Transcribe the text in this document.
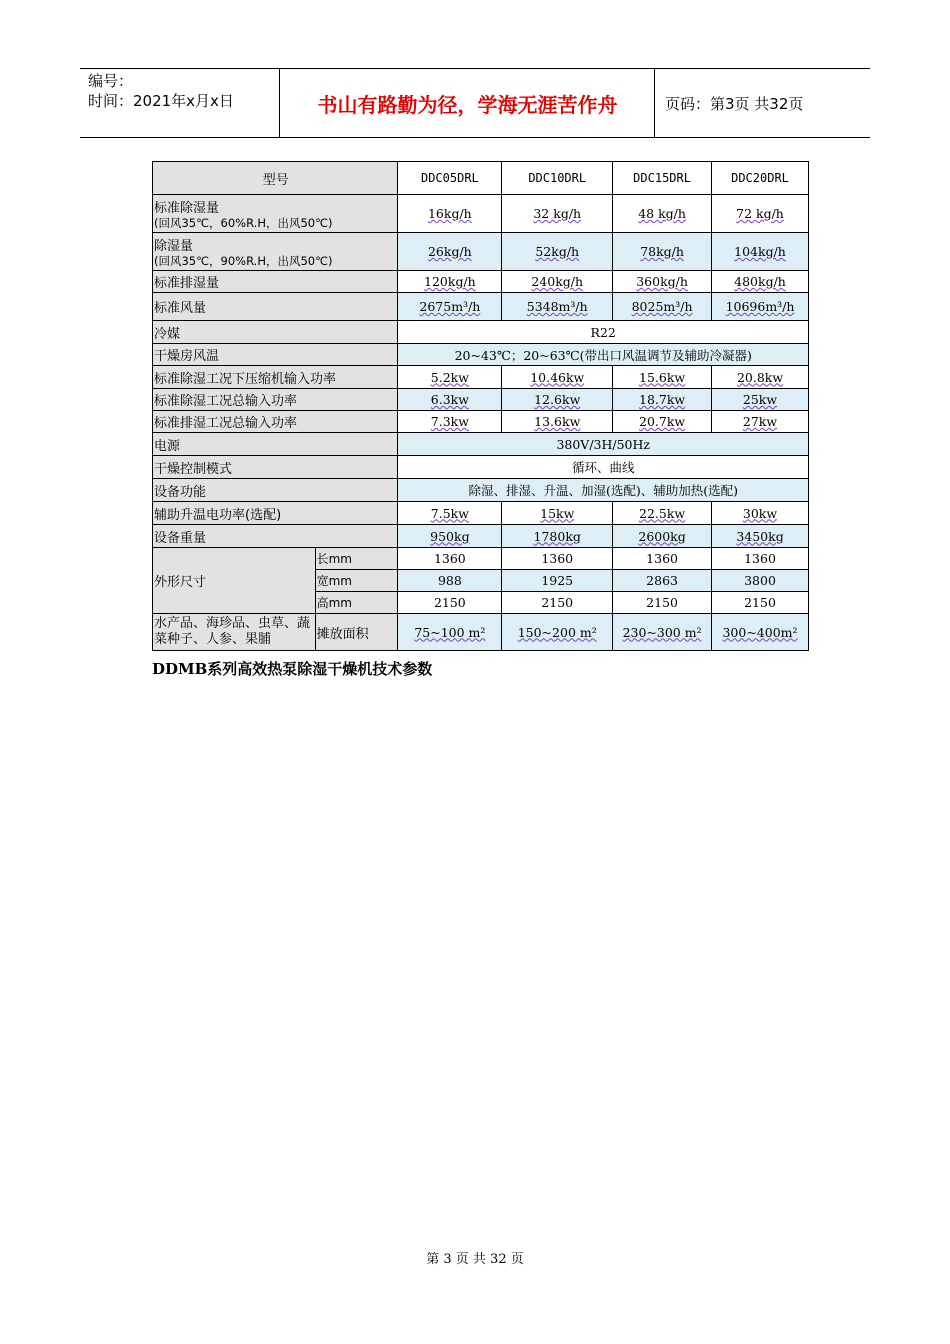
编号：
时间：2021年x月x日	书山有路勤为径，学海无涯苦作舟	页码：第3页 共32页
型号		DDC05DRL	DDC10DRL	DDC15DRL	DDC20DRL

标准除湿量
(回风35℃，60%R.H，出风50℃)		16kg/h	32 kg/h	48 kg/h	72 kg/h

除湿量
(回风35℃，90%R.H，出风50℃)		26kg/h	52kg/h	78kg/h	104kg/h

标准排湿量		120kg/h	240kg/h	360kg/h	480kg/h

标准风量		2675m³/h	5348m³/h	8025m³/h	10696m³/h

冷媒		R22			

干燥房风温		20~43℃；20~63℃(带出口风温调节及辅助冷凝器)			

标准除湿工况下压缩机输入功率		5.2kw	10.46kw	15.6kw	20.8kw

标准除湿工况总输入功率		6.3kw	12.6kw	18.7kw	25kw

标准排湿工况总输入功率		7.3kw	13.6kw	20.7kw	27kw

电源		380V/3H/50Hz			

干燥控制模式		循环、曲线			

设备功能		除湿、排湿、升温、加湿(选配)、辅助加热(选配)			

辅助升温电功率(选配)		7.5kw	15kw	22.5kw	30kw

设备重量		950kg	1780kg	2600kg	3450kg
外形尺寸	长mm	1360	1360	1360	1360
	宽mm	988	1925	2863	3800
	高mm	2150	2150	2150	2150
水产品、海珍品、虫草、蔬菜种子、人参、果脯	摊放面积	75~100 m²	150~200 m²	230~300 m²	300~400m²
DDMB系列高效热泵除湿干燥机技术参数
第 3 页 共 32 页
